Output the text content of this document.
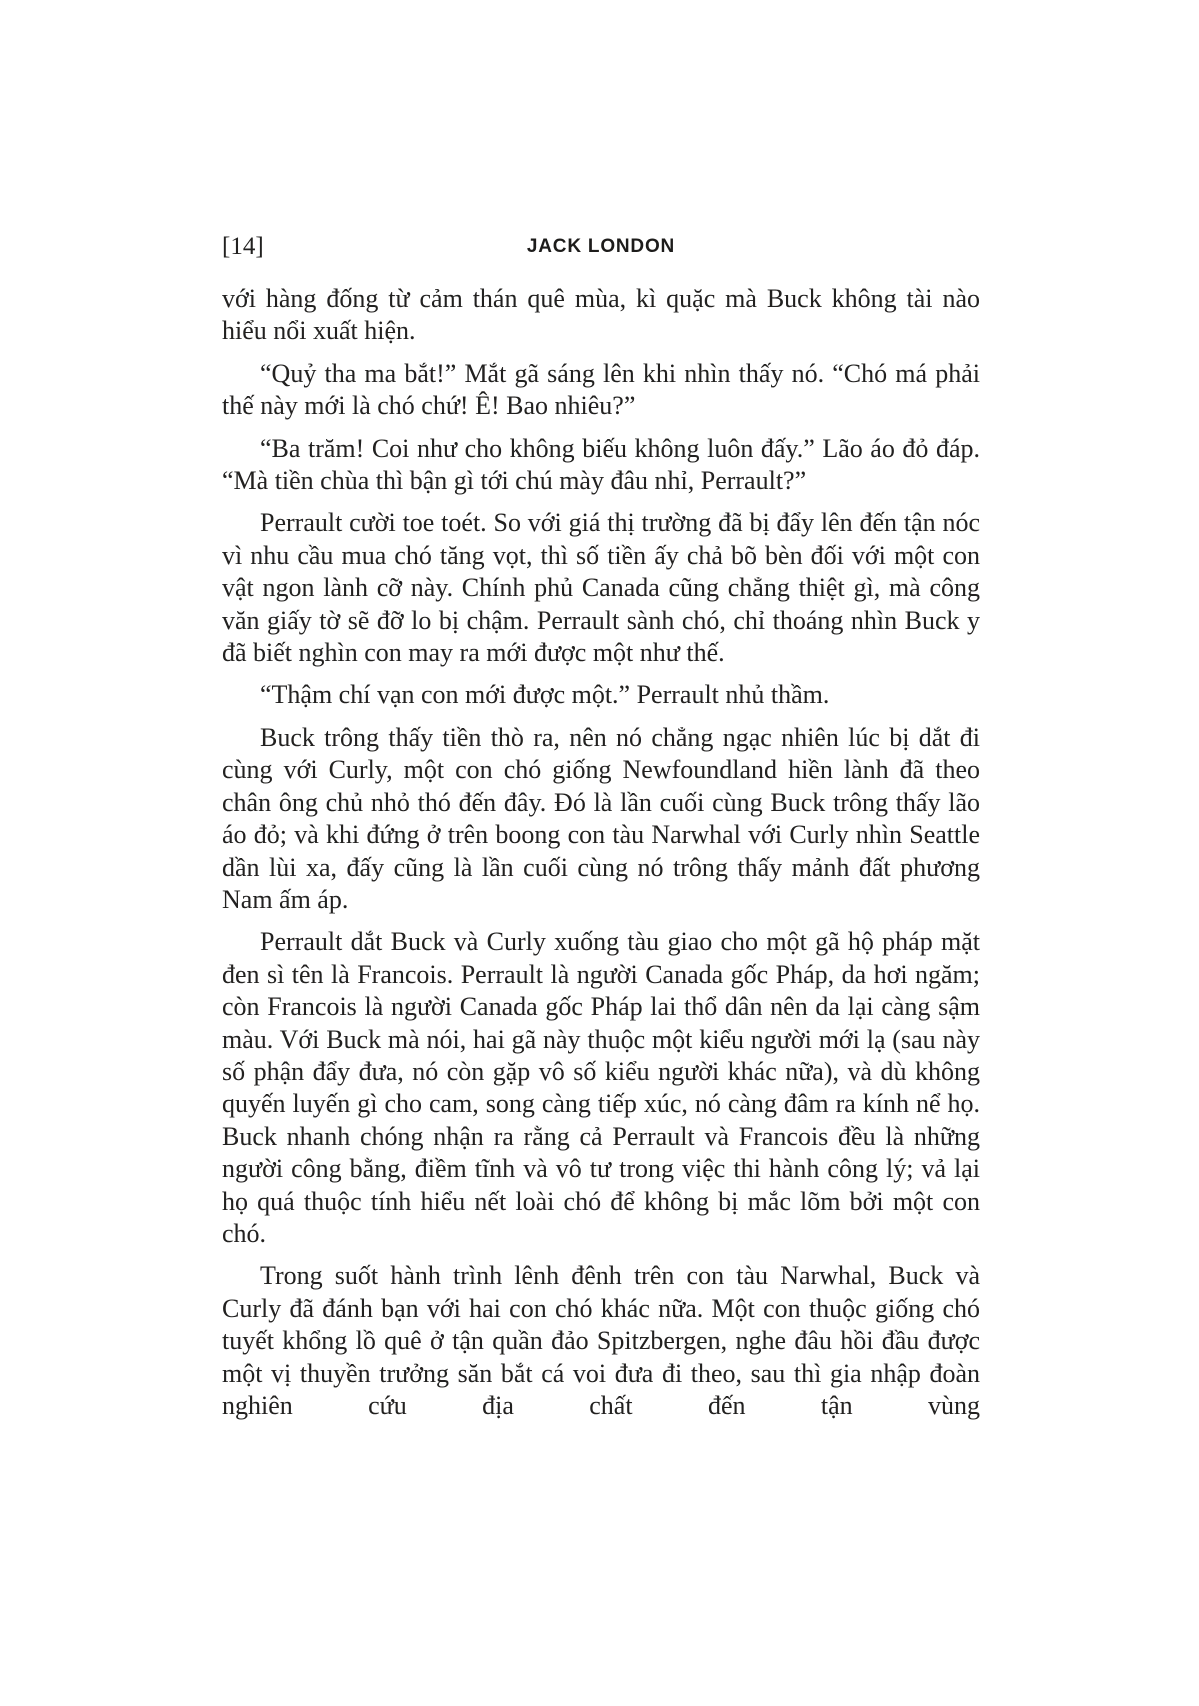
[14]	JACK LONDON

với hàng đống từ cảm thán quê mùa, kì quặc mà Buck không tài nào hiểu nổi xuất hiện.

“Quỷ tha ma bắt!” Mắt gã sáng lên khi nhìn thấy nó. “Chó má phải thế này mới là chó chứ! Ê! Bao nhiêu?”

“Ba trăm! Coi như cho không biếu không luôn đấy.” Lão áo đỏ đáp. “Mà tiền chùa thì bận gì tới chú mày đâu nhỉ, Perrault?”

Perrault cười toe toét. So với giá thị trường đã bị đẩy lên đến tận nóc vì nhu cầu mua chó tăng vọt, thì số tiền ấy chả bõ bèn đối với một con vật ngon lành cỡ này. Chính phủ Canada cũng chẳng thiệt gì, mà công văn giấy tờ sẽ đỡ lo bị chậm. Perrault sành chó, chỉ thoáng nhìn Buck y đã biết nghìn con may ra mới được một như thế.

“Thậm chí vạn con mới được một.” Perrault nhủ thầm.

Buck trông thấy tiền thò ra, nên nó chẳng ngạc nhiên lúc bị dắt đi cùng với Curly, một con chó giống Newfoundland hiền lành đã theo chân ông chủ nhỏ thó đến đây. Đó là lần cuối cùng Buck trông thấy lão áo đỏ; và khi đứng ở trên boong con tàu Narwhal với Curly nhìn Seattle dần lùi xa, đấy cũng là lần cuối cùng nó trông thấy mảnh đất phương Nam ấm áp.

Perrault dắt Buck và Curly xuống tàu giao cho một gã hộ pháp mặt đen sì tên là Francois. Perrault là người Canada gốc Pháp, da hơi ngăm; còn Francois là người Canada gốc Pháp lai thổ dân nên da lại càng sậm màu. Với Buck mà nói, hai gã này thuộc một kiểu người mới lạ (sau này số phận đẩy đưa, nó còn gặp vô số kiểu người khác nữa), và dù không quyến luyến gì cho cam, song càng tiếp xúc, nó càng đâm ra kính nể họ. Buck nhanh chóng nhận ra rằng cả Perrault và Francois đều là những người công bằng, điềm tĩnh và vô tư trong việc thi hành công lý; vả lại họ quá thuộc tính hiểu nết loài chó để không bị mắc lõm bởi một con chó.

Trong suốt hành trình lênh đênh trên con tàu Narwhal, Buck và Curly đã đánh bạn với hai con chó khác nữa. Một con thuộc giống chó tuyết khổng lồ quê ở tận quần đảo Spitzbergen, nghe đâu hồi đầu được một vị thuyền trưởng săn bắt cá voi đưa đi theo, sau thì gia nhập đoàn nghiên cứu địa chất đến tận vùng
